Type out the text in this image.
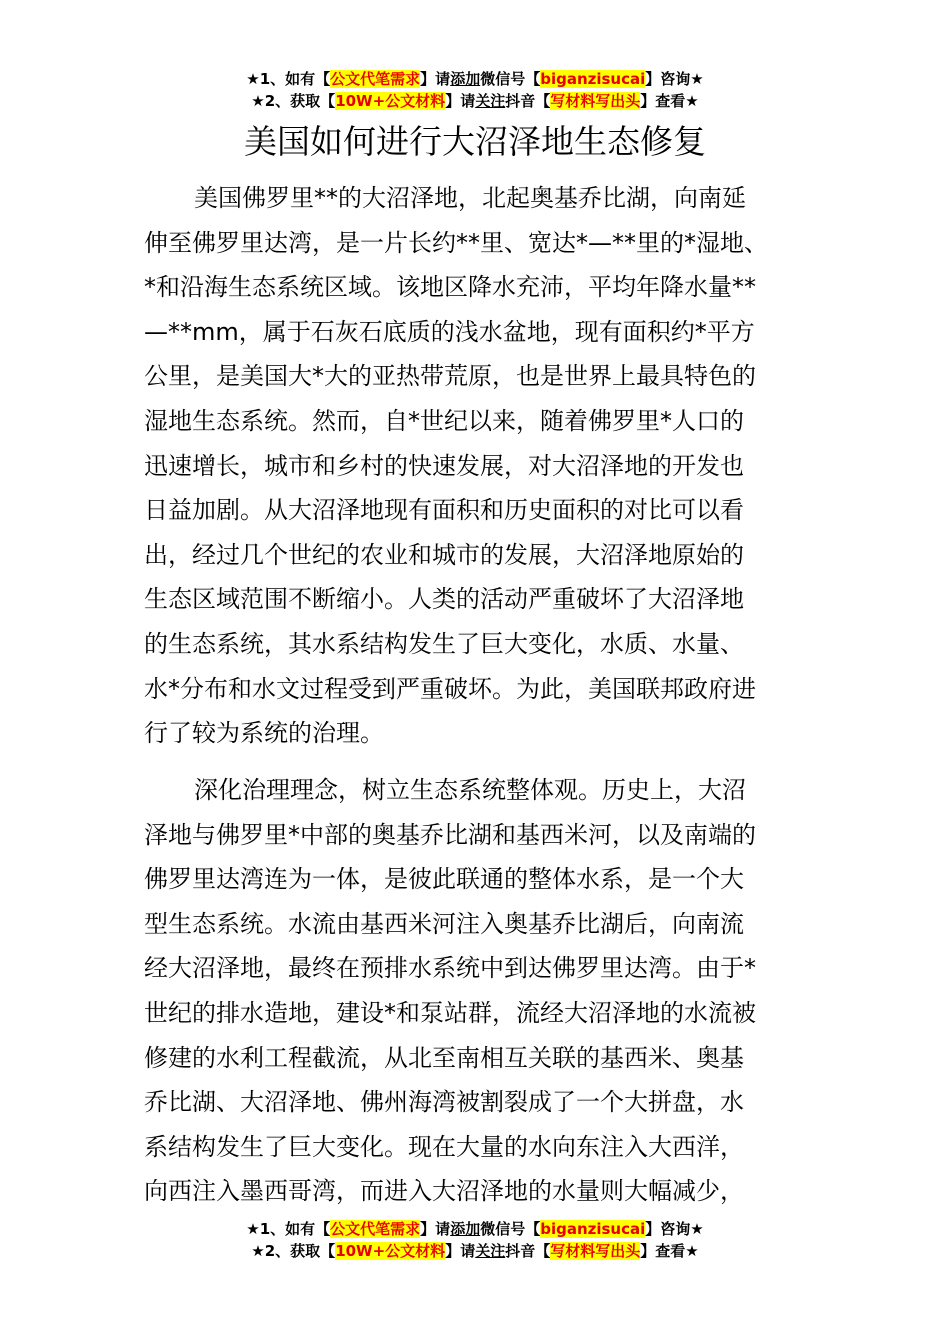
★1、如有【公文代笔需求】请添加微信号【biganzisucai】咨询★
★2、获取【10W+公文材料】请关注抖音【写材料写出头】查看★
美国如何进行大沼泽地生态修复

美国佛罗里**的大沼泽地，北起奥基乔比湖，向南延
伸至佛罗里达湾，是一片长约**里、宽达*—**里的*湿地、
*和沿海生态系统区域。该地区降水充沛，平均年降水量**
—**mm，属于石灰石底质的浅水盆地，现有面积约*平方
公里，是美国大*大的亚热带荒原，也是世界上最具特色的
湿地生态系统。然而，自*世纪以来，随着佛罗里*人口的
迅速增长，城市和乡村的快速发展，对大沼泽地的开发也
日益加剧。从大沼泽地现有面积和历史面积的对比可以看
出，经过几个世纪的农业和城市的发展，大沼泽地原始的
生态区域范围不断缩小。人类的活动严重破坏了大沼泽地
的生态系统，其水系结构发生了巨大变化，水质、水量、
水*分布和水文过程受到严重破坏。为此，美国联邦政府进
行了较为系统的治理。

深化治理理念，树立生态系统整体观。历史上，大沼
泽地与佛罗里*中部的奥基乔比湖和基西米河，以及南端的
佛罗里达湾连为一体，是彼此联通的整体水系，是一个大
型生态系统。水流由基西米河注入奥基乔比湖后，向南流
经大沼泽地，最终在预排水系统中到达佛罗里达湾。由于*
世纪的排水造地，建设*和泵站群，流经大沼泽地的水流被
修建的水利工程截流，从北至南相互关联的基西米、奥基
乔比湖、大沼泽地、佛州海湾被割裂成了一个大拼盘，水
系结构发生了巨大变化。现在大量的水向东注入大西洋，
向西注入墨西哥湾，而进入大沼泽地的水量则大幅减少，

★1、如有【公文代笔需求】请添加微信号【biganzisucai】咨询★
★2、获取【10W+公文材料】请关注抖音【写材料写出头】查看★
